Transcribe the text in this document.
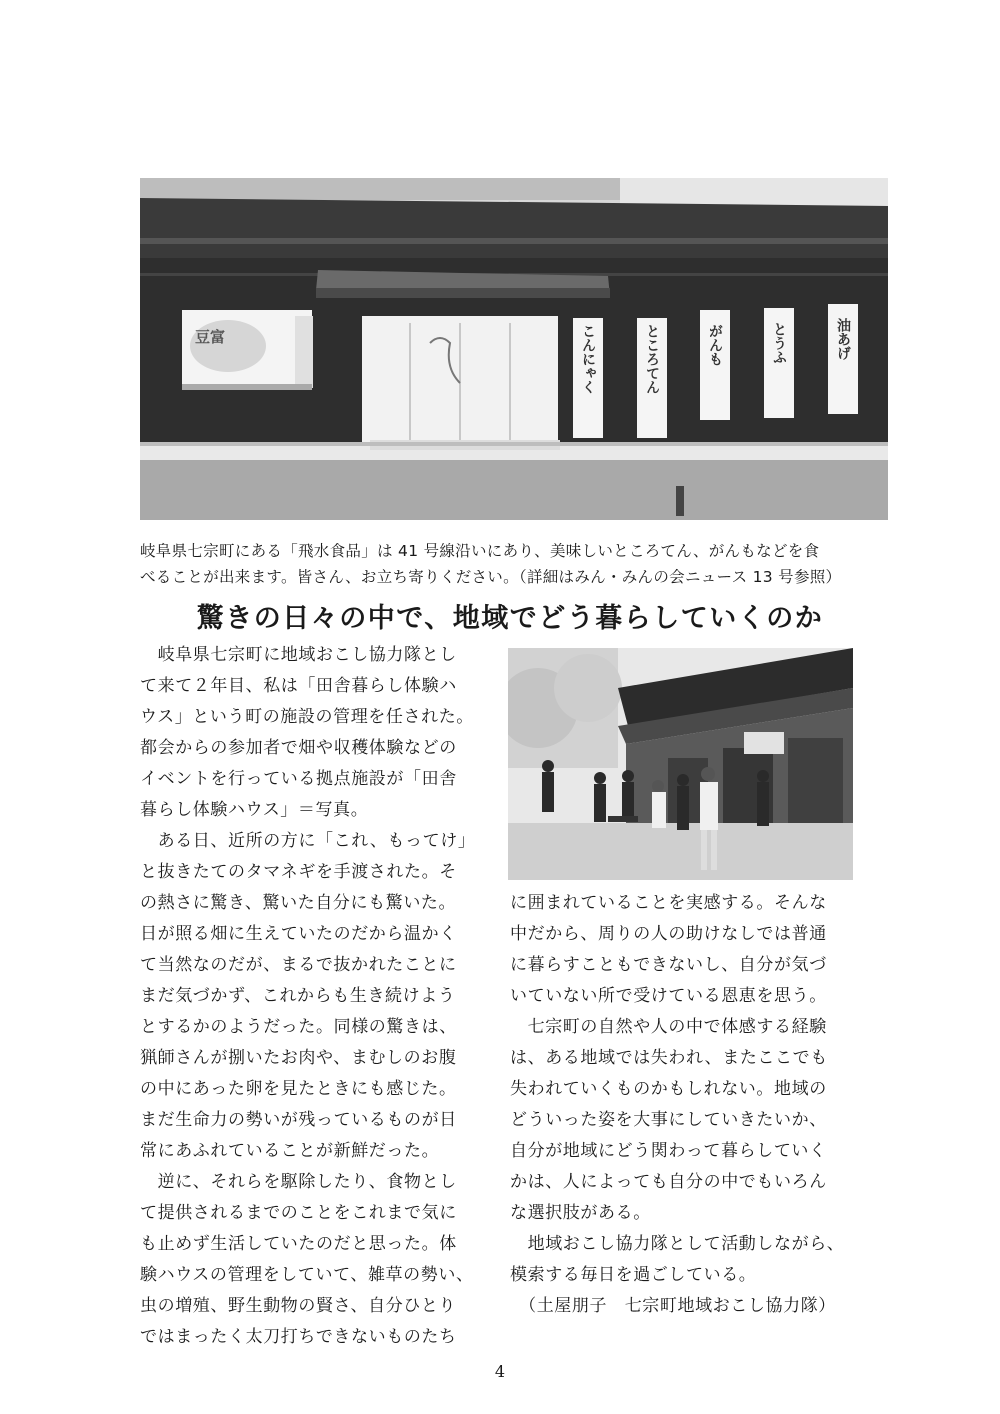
豆富	こんにゃく	ところてん	がんも	とうふ	油あげ
岐阜県七宗町にある「飛水食品」は 41 号線沿いにあり、美味しいところてん、がんもなどを食
べることが出来ます。皆さん、お立ち寄りください。（詳細はみん・みんの会ニュース 13 号参照）
驚きの日々の中で、地域でどう暮らしていくのか
　岐阜県七宗町に地域おこし協力隊とし
て来て２年目、私は「田舎暮らし体験ハ
ウス」という町の施設の管理を任された。
都会からの参加者で畑や収穫体験などの
イベントを行っている拠点施設が「田舎
暮らし体験ハウス」＝写真。
　ある日、近所の方に「これ、もってけ」
と抜きたてのタマネギを手渡された。そ
の熱さに驚き、驚いた自分にも驚いた。
日が照る畑に生えていたのだから温かく
て当然なのだが、まるで抜かれたことに
まだ気づかず、これからも生き続けよう
とするかのようだった。同様の驚きは、
猟師さんが捌いたお肉や、まむしのお腹
の中にあった卵を見たときにも感じた。
まだ生命力の勢いが残っているものが日
常にあふれていることが新鮮だった。
　逆に、それらを駆除したり、食物とし
て提供されるまでのことをこれまで気に
も止めず生活していたのだと思った。体
験ハウスの管理をしていて、雑草の勢い、
虫の増殖、野生動物の賢さ、自分ひとり
ではまったく太刀打ちできないものたち
に囲まれていることを実感する。そんな
中だから、周りの人の助けなしでは普通
に暮らすこともできないし、自分が気づ
いていない所で受けている恩恵を思う。
　七宗町の自然や人の中で体感する経験
は、ある地域では失われ、またここでも
失われていくものかもしれない。地域の
どういった姿を大事にしていきたいか、
自分が地域にどう関わって暮らしていく
かは、人によっても自分の中でもいろん
な選択肢がある。
　地域おこし協力隊として活動しながら、
模索する毎日を過ごしている。
　（土屋朋子　七宗町地域おこし協力隊）
4
